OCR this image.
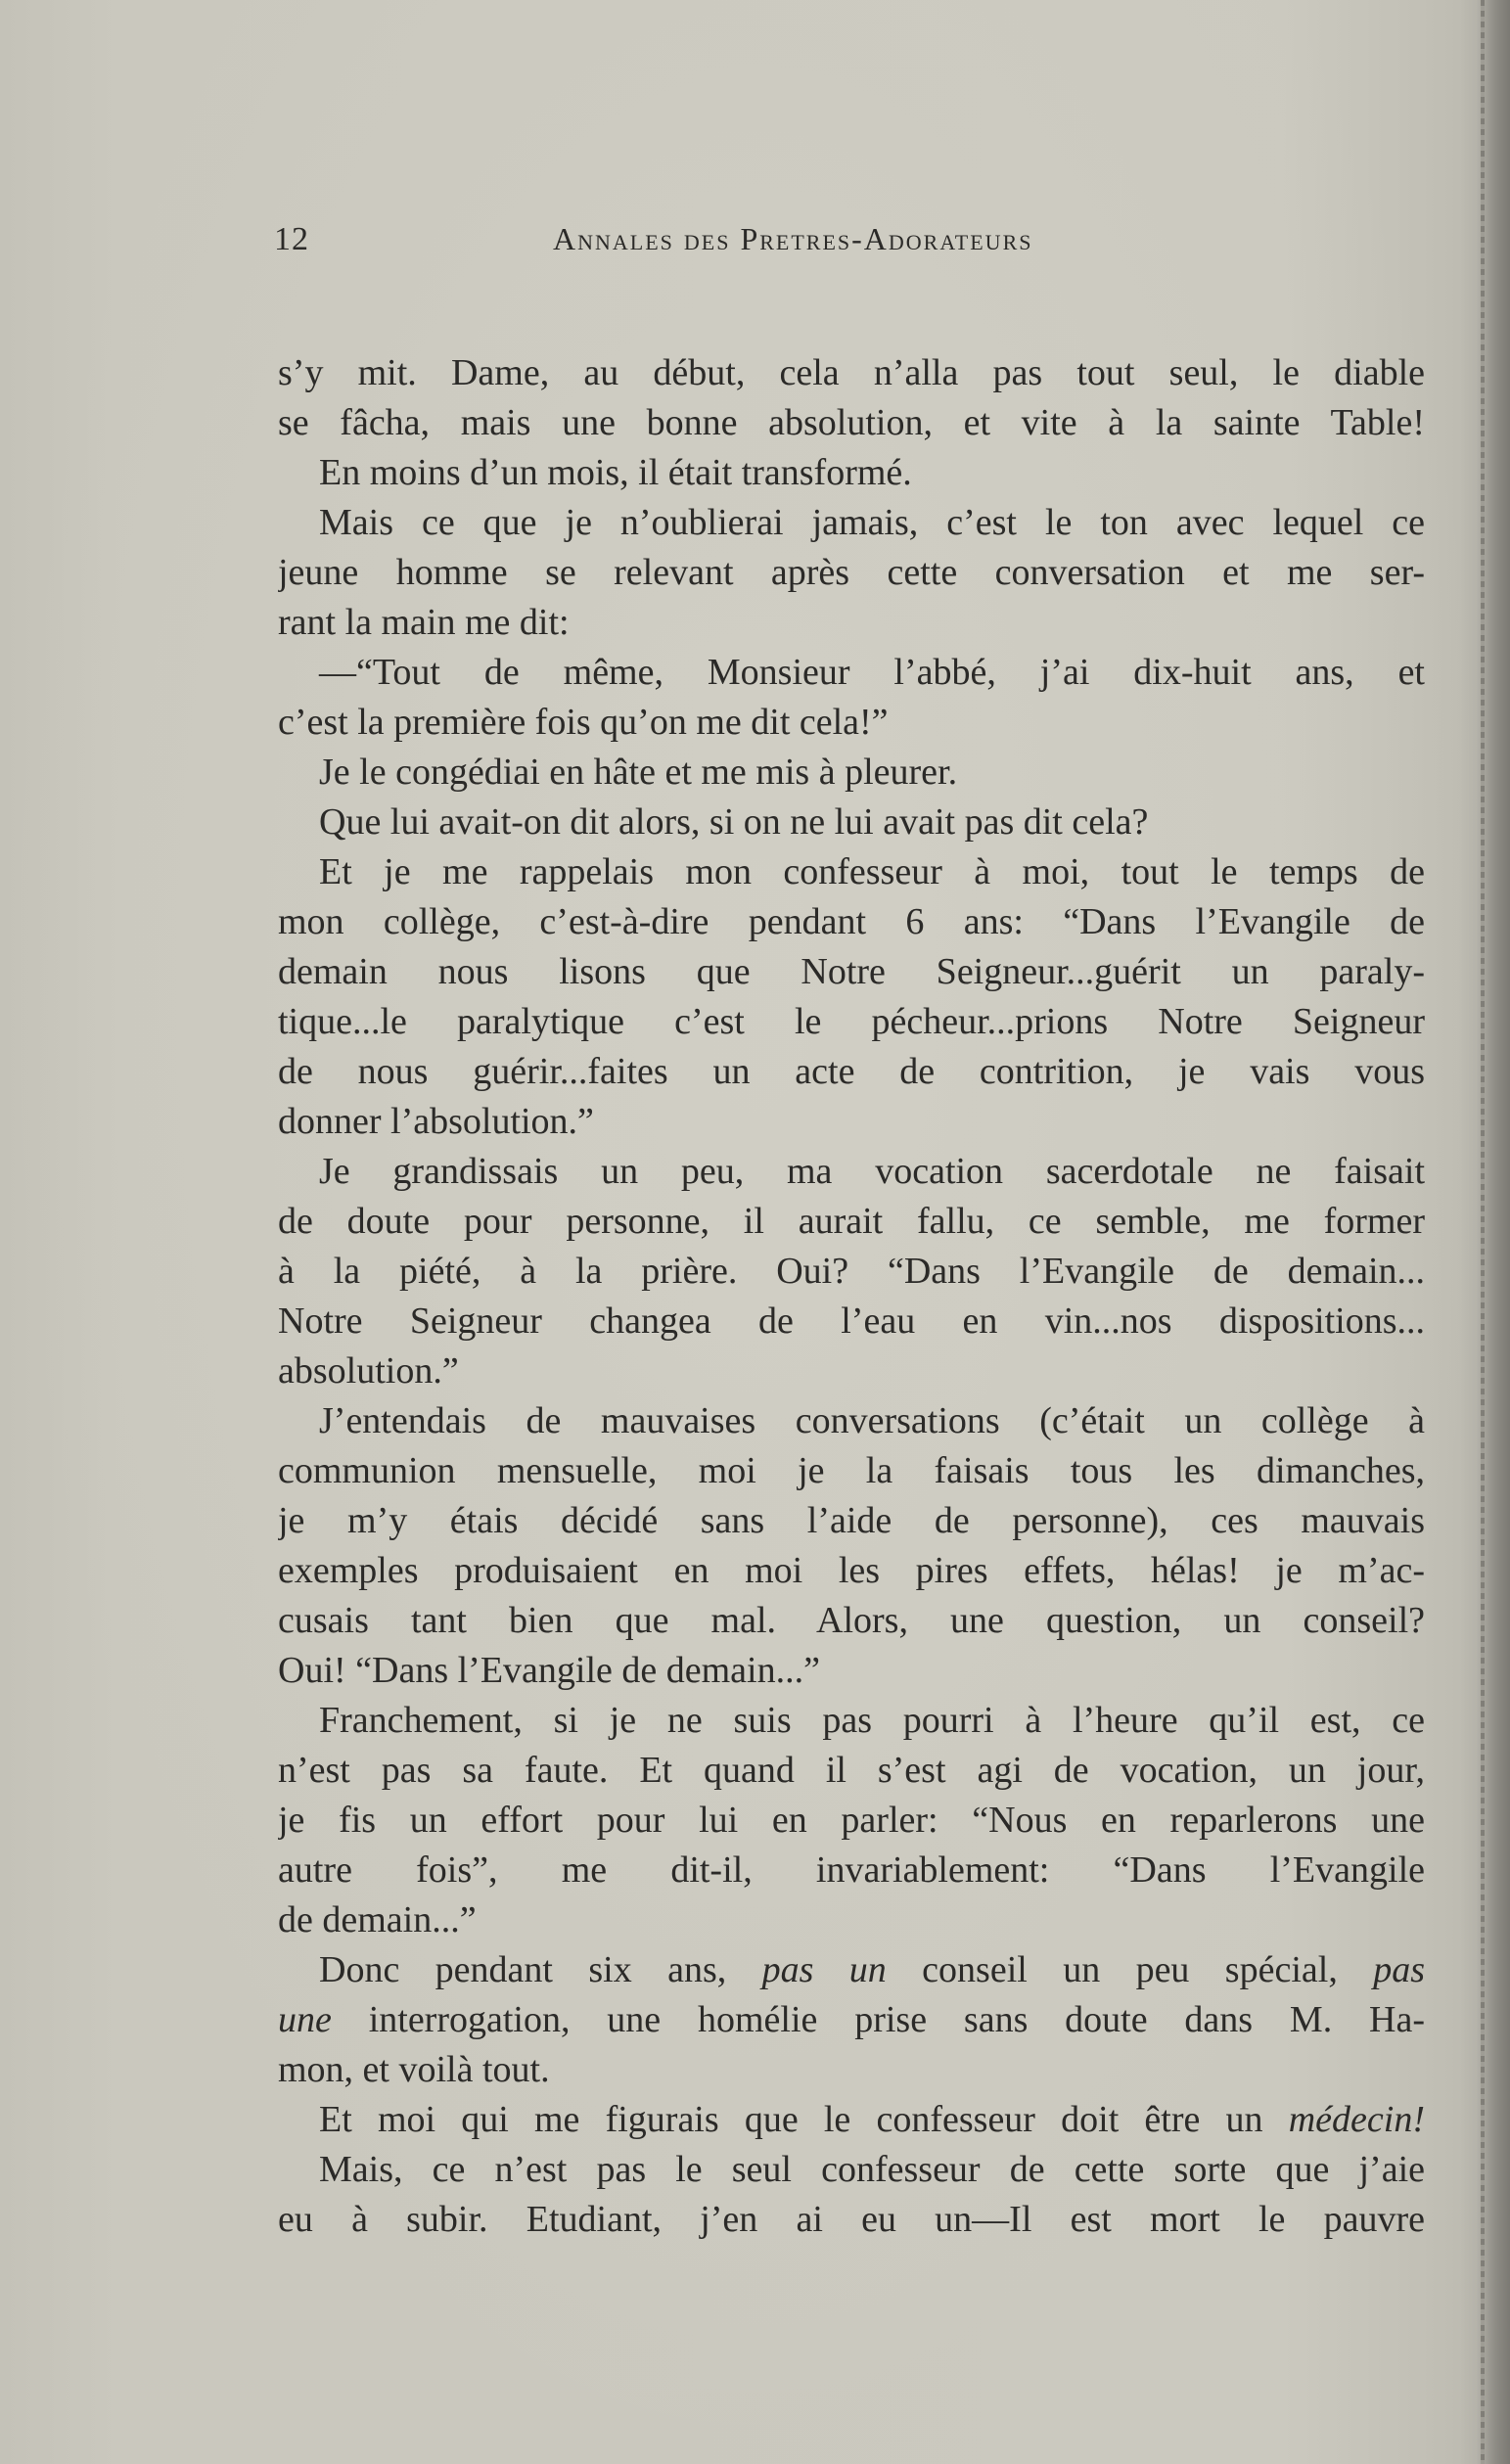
12	Annales des Pretres-Adorateurs
s’y mit. Dame, au début, cela n’alla pas tout seul, le diable
se fâcha, mais une bonne absolution, et vite à la sainte Table!
En moins d’un mois, il était transformé.
Mais ce que je n’oublierai jamais, c’est le ton avec lequel ce
jeune homme se relevant après cette conversation et me ser-
rant la main me dit:
—“Tout de même, Monsieur l’abbé, j’ai dix-huit ans, et
c’est la première fois qu’on me dit cela!”
Je le congédiai en hâte et me mis à pleurer.
Que lui avait-on dit alors, si on ne lui avait pas dit cela?
Et je me rappelais mon confesseur à moi, tout le temps de
mon collège, c’est-à-dire pendant 6 ans: “Dans l’Evangile de
demain nous lisons que Notre Seigneur...guérit un paraly-
tique...le paralytique c’est le pécheur...prions Notre Seigneur
de nous guérir...faites un acte de contrition, je vais vous
donner l’absolution.”
Je grandissais un peu, ma vocation sacerdotale ne faisait
de doute pour personne, il aurait fallu, ce semble, me former
à la piété, à la prière. Oui? “Dans l’Evangile de demain...
Notre Seigneur changea de l’eau en vin...nos dispositions...
absolution.”
J’entendais de mauvaises conversations (c’était un collège à
communion mensuelle, moi je la faisais tous les dimanches,
je m’y étais décidé sans l’aide de personne), ces mauvais
exemples produisaient en moi les pires effets, hélas! je m’ac-
cusais tant bien que mal. Alors, une question, un conseil?
Oui! “Dans l’Evangile de demain...”
Franchement, si je ne suis pas pourri à l’heure qu’il est, ce
n’est pas sa faute. Et quand il s’est agi de vocation, un jour,
je fis un effort pour lui en parler: “Nous en reparlerons une
autre fois”, me dit-il, invariablement: “Dans l’Evangile
de demain...”
Donc pendant six ans, pas un conseil un peu spécial, pas
une interrogation, une homélie prise sans doute dans M. Ha-
mon, et voilà tout.
Et moi qui me figurais que le confesseur doit être un médecin!
Mais, ce n’est pas le seul confesseur de cette sorte que j’aie
eu à subir. Etudiant, j’en ai eu un—Il est mort le pauvre
